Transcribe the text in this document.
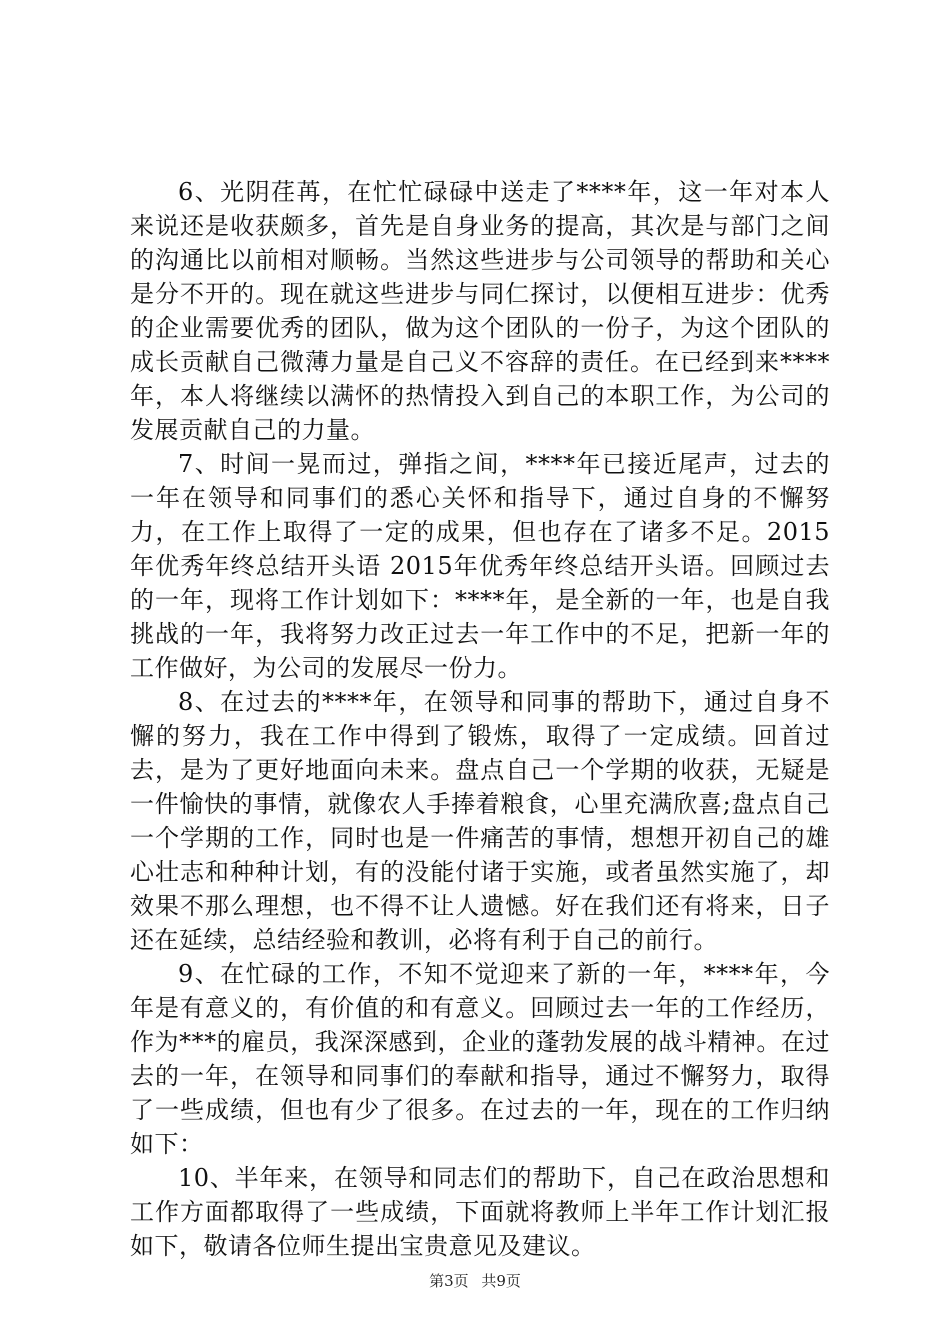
6、光阴荏苒，在忙忙碌碌中送走了****年，这一年对本人来说还是收获颇多，首先是自身业务的提高，其次是与部门之间的沟通比以前相对顺畅。当然这些进步与公司领导的帮助和关心是分不开的。现在就这些进步与同仁探讨，以便相互进步：优秀的企业需要优秀的团队，做为这个团队的一份子，为这个团队的成长贡献自己微薄力量是自己义不容辞的责任。在已经到来****年，本人将继续以满怀的热情投入到自己的本职工作，为公司的发展贡献自己的力量。

7、时间一晃而过，弹指之间，****年已接近尾声，过去的一年在领导和同事们的悉心关怀和指导下，通过自身的不懈努力，在工作上取得了一定的成果，但也存在了诸多不足。2015年优秀年终总结开头语 2015年优秀年终总结开头语。回顾过去的一年，现将工作计划如下：****年，是全新的一年，也是自我挑战的一年，我将努力改正过去一年工作中的不足，把新一年的工作做好，为公司的发展尽一份力。

8、在过去的****年，在领导和同事的帮助下，通过自身不懈的努力，我在工作中得到了锻炼，取得了一定成绩。回首过去，是为了更好地面向未来。盘点自己一个学期的收获，无疑是一件愉快的事情，就像农人手捧着粮食，心里充满欣喜;盘点自己一个学期的工作，同时也是一件痛苦的事情，想想开初自己的雄心壮志和种种计划，有的没能付诸于实施，或者虽然实施了，却效果不那么理想，也不得不让人遗憾。好在我们还有将来，日子还在延续，总结经验和教训，必将有利于自己的前行。

9、在忙碌的工作，不知不觉迎来了新的一年，****年，今年是有意义的，有价值的和有意义。回顾过去一年的工作经历，作为***的雇员，我深深感到，企业的蓬勃发展的战斗精神。在过去的一年，在领导和同事们的奉献和指导，通过不懈努力，取得了一些成绩，但也有少了很多。在过去的一年，现在的工作归纳如下：

10、半年来，在领导和同志们的帮助下，自己在政治思想和工作方面都取得了一些成绩，下面就将教师上半年工作计划汇报如下，敬请各位师生提出宝贵意见及建议。

第3页 共9页
